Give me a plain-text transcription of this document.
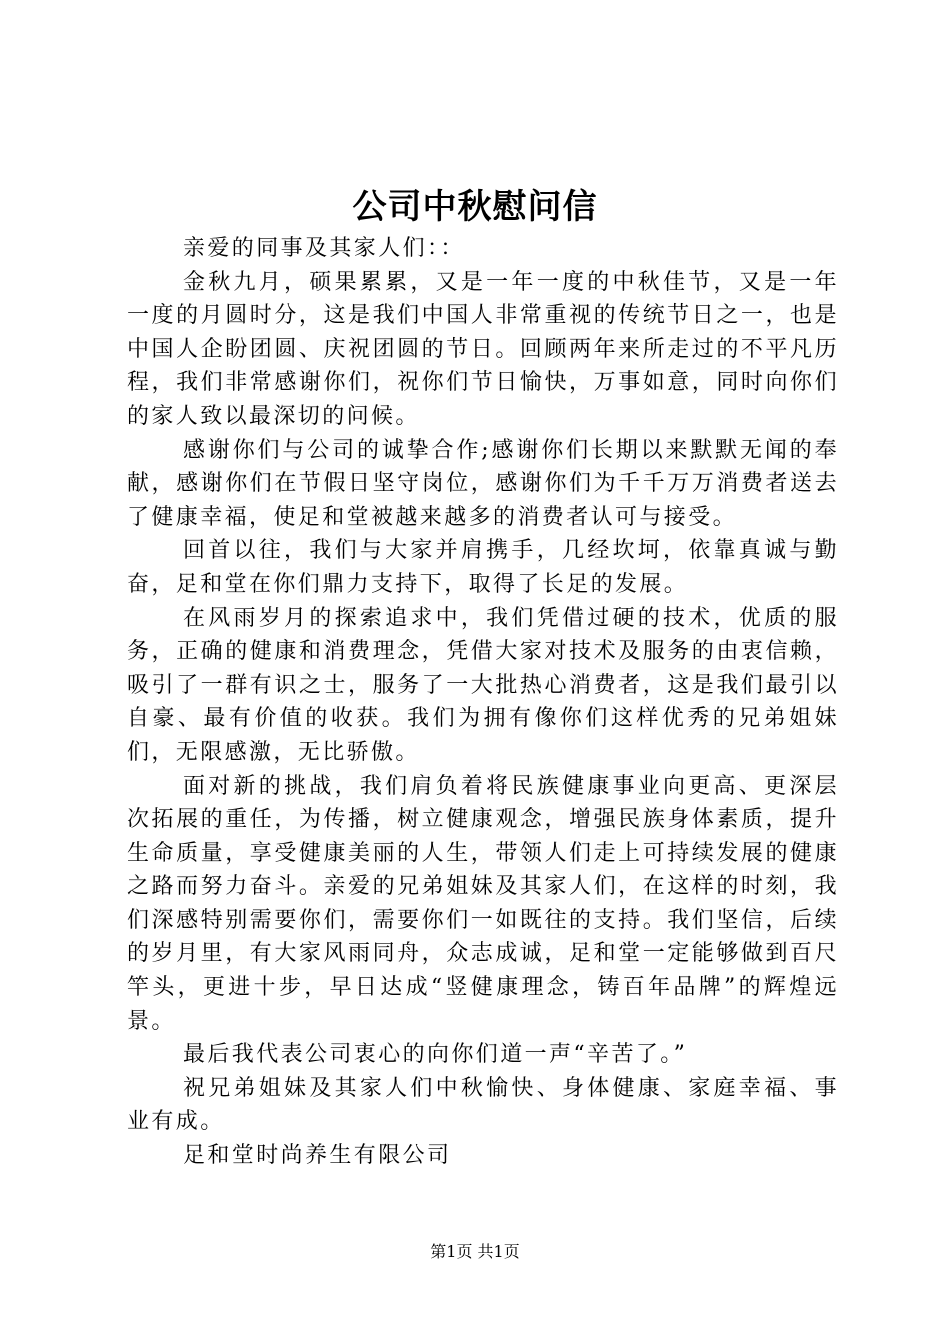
公司中秋慰问信

亲爱的同事及其家人们：：

金秋九月，硕果累累，又是一年一度的中秋佳节，又是一年一度的月圆时分，这是我们中国人非常重视的传统节日之一，也是中国人企盼团圆、庆祝团圆的节日。回顾两年来所走过的不平凡历程，我们非常感谢你们，祝你们节日愉快，万事如意，同时向你们的家人致以最深切的问候。

感谢你们与公司的诚挚合作;感谢你们长期以来默默无闻的奉献，感谢你们在节假日坚守岗位，感谢你们为千千万万消费者送去了健康幸福，使足和堂被越来越多的消费者认可与接受。

回首以往，我们与大家并肩携手，几经坎坷，依靠真诚与勤奋，足和堂在你们鼎力支持下，取得了长足的发展。

在风雨岁月的探索追求中，我们凭借过硬的技术，优质的服务，正确的健康和消费理念，凭借大家对技术及服务的由衷信赖，吸引了一群有识之士，服务了一大批热心消费者，这是我们最引以自豪、最有价值的收获。我们为拥有像你们这样优秀的兄弟姐妹们，无限感激，无比骄傲。

面对新的挑战，我们肩负着将民族健康事业向更高、更深层次拓展的重任，为传播，树立健康观念，增强民族身体素质，提升生命质量，享受健康美丽的人生，带领人们走上可持续发展的健康之路而努力奋斗。亲爱的兄弟姐妹及其家人们，在这样的时刻，我们深感特别需要你们，需要你们一如既往的支持。我们坚信，后续的岁月里，有大家风雨同舟，众志成诚，足和堂一定能够做到百尺竿头，更进十步，早日达成“竖健康理念，铸百年品牌”的辉煌远景。

最后我代表公司衷心的向你们道一声“辛苦了。”

祝兄弟姐妹及其家人们中秋愉快、身体健康、家庭幸福、事业有成。

足和堂时尚养生有限公司

第1页 共1页
